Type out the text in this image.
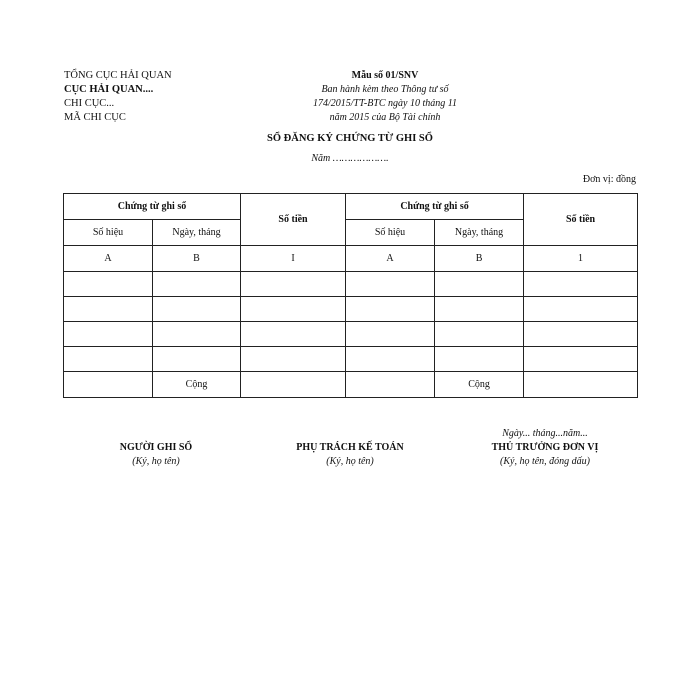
TỔNG CỤC HẢI QUAN
CỤC HẢI QUAN....
CHI CỤC...
MÃ CHI CỤC
Mẫu số 01/SNV
Ban hành kèm theo Thông tư số
174/2015/TT-BTC ngày 10 tháng 11
năm 2015 của Bộ Tài chính
SỔ ĐĂNG KÝ CHỨNG TỪ GHI SỔ
Năm ……………….
Đơn vị: đồng
Chứng từ ghi sổ		Số tiền	Chứng từ ghi sổ		Số tiền
Số hiệu	Ngày, tháng		Số hiệu	Ngày, tháng	
A	B	I	A	B	1

	Cộng			Cộng	
Ngày... tháng...năm...
NGƯỜI GHI SỔ
(Ký, họ tên)
PHỤ TRÁCH KẾ TOÁN
(Ký, họ tên)
THỦ TRƯỞNG ĐƠN VỊ
(Ký, họ tên, đóng dấu)
